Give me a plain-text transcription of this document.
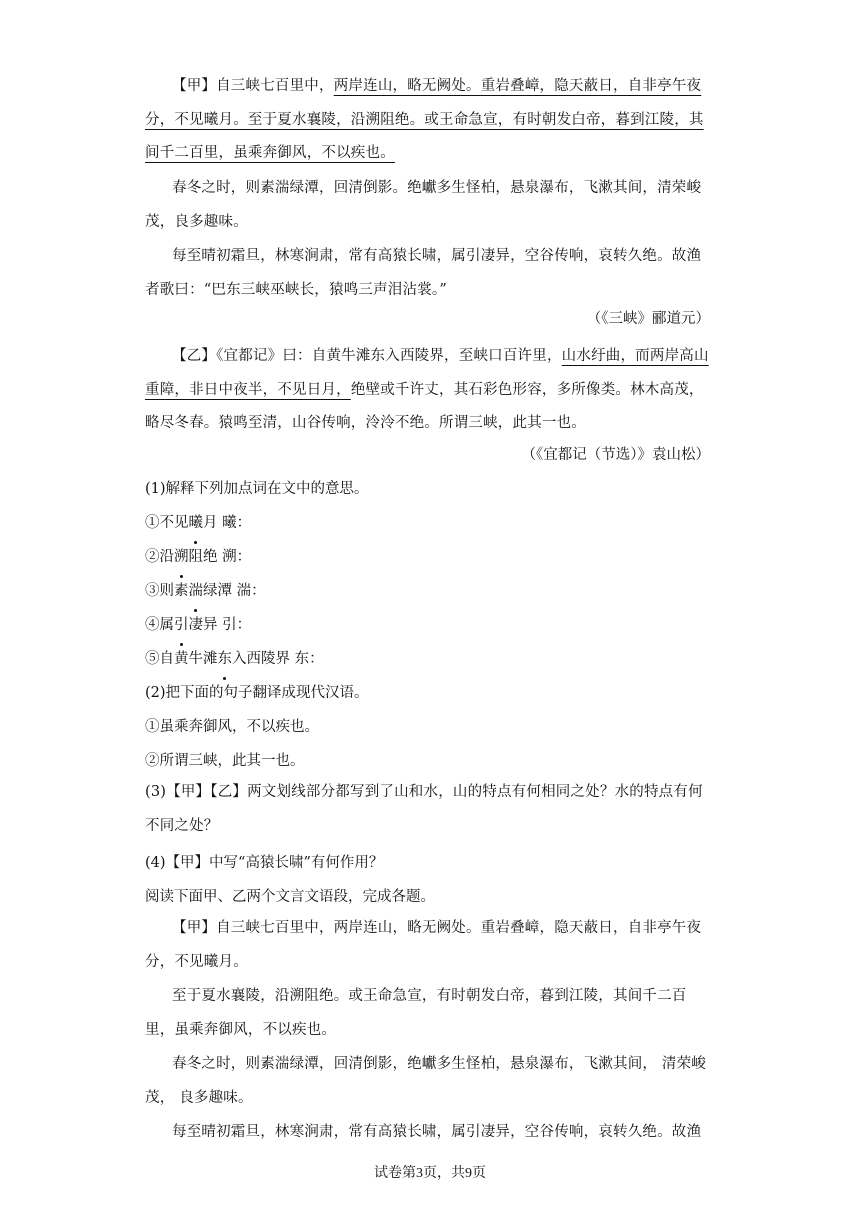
【甲】自三峡七百里中，两岸连山，略无阙处。重岩叠嶂，隐天蔽日，自非亭午夜分，不见曦月。至于夏水襄陵，沿溯阻绝。或王命急宣，有时朝发白帝，暮到江陵，其间千二百里，虽乘奔御风，不以疾也。
春冬之时，则素湍绿潭，回清倒影。绝巘多生怪柏，悬泉瀑布，飞漱其间，清荣峻茂，良多趣味。
每至晴初霜旦，林寒涧肃，常有高猿长啸，属引凄异，空谷传响，哀转久绝。故渔者歌曰：“巴东三峡巫峡长，猿鸣三声泪沾裳。”
（《三峡》郦道元）
【乙】《宜都记》曰：自黄牛滩东入西陵界，至峡口百许里，山水纡曲，而两岸高山重障，非日中夜半，不见日月，绝壁或千许丈，其石彩色形容，多所像类。林木高茂，略尽冬春。猿鸣至清，山谷传响，泠泠不绝。所谓三峡，此其一也。
（《宜都记（节选）》袁山松）
(1)解释下列加点词在文中的意思。
①不见曦月 曦：
②沿溯阻绝 溯：
③则素湍绿潭 湍：
④属引凄异 引：
⑤自黄牛滩东入西陵界 东：
(2)把下面的句子翻译成现代汉语。
①虽乘奔御风，不以疾也。
②所谓三峡，此其一也。
(3)【甲】【乙】两文划线部分都写到了山和水，山的特点有何相同之处？水的特点有何不同之处？
(4)【甲】中写“高猿长啸”有何作用？
阅读下面甲、乙两个文言文语段，完成各题。
【甲】自三峡七百里中，两岸连山，略无阙处。重岩叠嶂，隐天蔽日，自非亭午夜分，不见曦月。
至于夏水襄陵，沿溯阻绝。或王命急宣，有时朝发白帝，暮到江陵，其间千二百里，虽乘奔御风，不以疾也。
春冬之时，则素湍绿潭，回清倒影，绝巘多生怪柏，悬泉瀑布，飞漱其间， 清荣峻茂， 良多趣味。
每至晴初霜旦，林寒涧肃，常有高猿长啸，属引凄异，空谷传响，哀转久绝。故渔
试卷第3页，共9页
